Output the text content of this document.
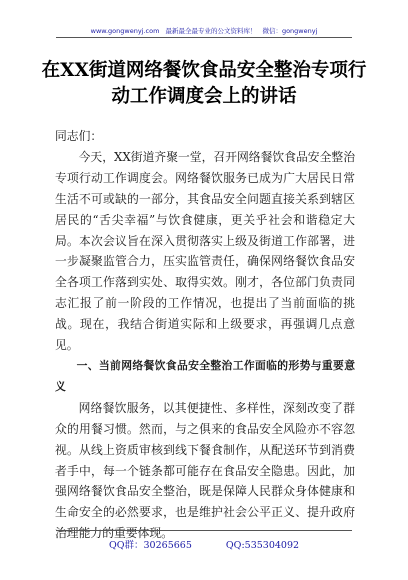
www.gongwenyj.com 最新最全最专业的公文资料库！ 微信：gongwenyj
在XX街道网络餐饮食品安全整治专项行
动工作调度会上的讲话

同志们：

今天，XX街道齐聚一堂，召开网络餐饮食品安全整治专项行动工作调度会。网络餐饮服务已成为广大居民日常生活不可或缺的一部分，其食品安全问题直接关系到辖区居民的“舌尖幸福”与饮食健康，更关乎社会和谐稳定大局。本次会议旨在深入贯彻落实上级及街道工作部署，进一步凝聚监管合力，压实监管责任，确保网络餐饮食品安全各项工作落到实处、取得实效。刚才，各位部门负责同志汇报了前一阶段的工作情况，也提出了当前面临的挑战。现在，我结合街道实际和上级要求，再强调几点意见。

一、当前网络餐饮食品安全整治工作面临的形势与重要意义

网络餐饮服务，以其便捷性、多样性，深刻改变了群众的用餐习惯。然而，与之俱来的食品安全风险亦不容忽视。从线上资质审核到线下餐食制作，从配送环节到消费者手中，每一个链条都可能存在食品安全隐患。因此，加强网络餐饮食品安全整治，既是保障人民群众身体健康和生命安全的必然要求，也是维护社会公平正义、提升政府治理能力的重要体现。

QQ群：30265665	QQ:535304092
